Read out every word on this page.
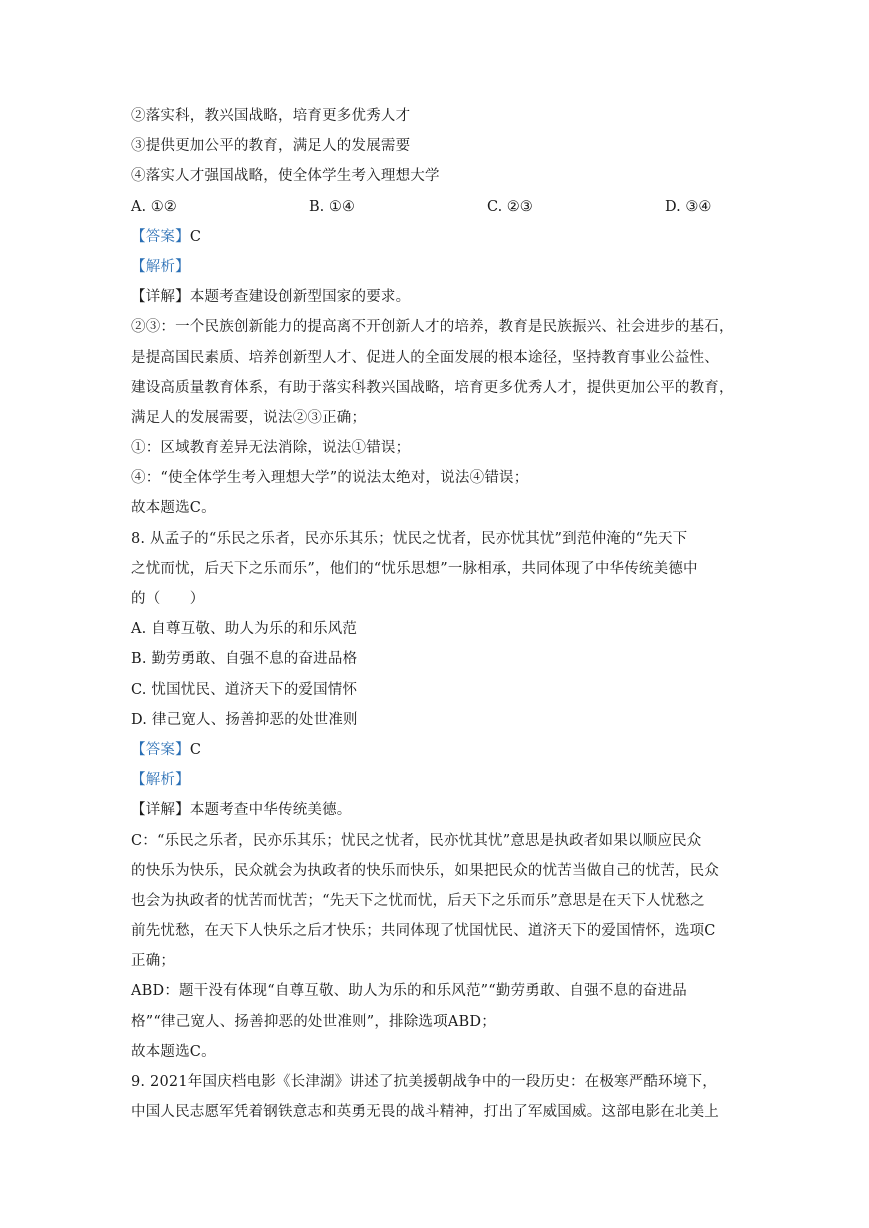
②落实科，教兴国战略，培育更多优秀人才
③提供更加公平的教育，满足人的发展需要
④落实人才强国战略，使全体学生考入理想大学
A. ①②	B. ①④	C. ②③	D. ③④
【答案】C
【解析】
【详解】本题考查建设创新型国家的要求。
②③：一个民族创新能力的提高离不开创新人才的培养，教育是民族振兴、社会进步的基石，
是提高国民素质、培养创新型人才、促进人的全面发展的根本途径，坚持教育事业公益性、
建设高质量教育体系，有助于落实科教兴国战略，培育更多优秀人才，提供更加公平的教育，
满足人的发展需要，说法②③正确；
①：区域教育差异无法消除，说法①错误；
④：“使全体学生考入理想大学”的说法太绝对，说法④错误；
故本题选C。
8. 从孟子的“乐民之乐者，民亦乐其乐；忧民之忧者，民亦忧其忧”到范仲淹的“先天下
之忧而忧，后天下之乐而乐”，他们的“忧乐思想”一脉相承，共同体现了中华传统美德中
的（　　）
A. 自尊互敬、助人为乐的和乐风范
B. 勤劳勇敢、自强不息的奋进品格
C. 忧国忧民、道济天下的爱国情怀
D. 律己宽人、扬善抑恶的处世准则
【答案】C
【解析】
【详解】本题考查中华传统美德。
C：“乐民之乐者，民亦乐其乐；忧民之忧者，民亦忧其忧”意思是执政者如果以顺应民众
的快乐为快乐，民众就会为执政者的快乐而快乐，如果把民众的忧苦当做自己的忧苦，民众
也会为执政者的忧苦而忧苦；“先天下之忧而忧，后天下之乐而乐”意思是在天下人忧愁之
前先忧愁，在天下人快乐之后才快乐；共同体现了忧国忧民、道济天下的爱国情怀，选项C
正确；
ABD：题干没有体现“自尊互敬、助人为乐的和乐风范”“勤劳勇敢、自强不息的奋进品
格”“律己宽人、扬善抑恶的处世准则”，排除选项ABD；
故本题选C。
9. 2021年国庆档电影《长津湖》讲述了抗美援朝战争中的一段历史：在极寒严酷环境下，
中国人民志愿军凭着钢铁意志和英勇无畏的战斗精神，打出了军威国威。这部电影在北美上
